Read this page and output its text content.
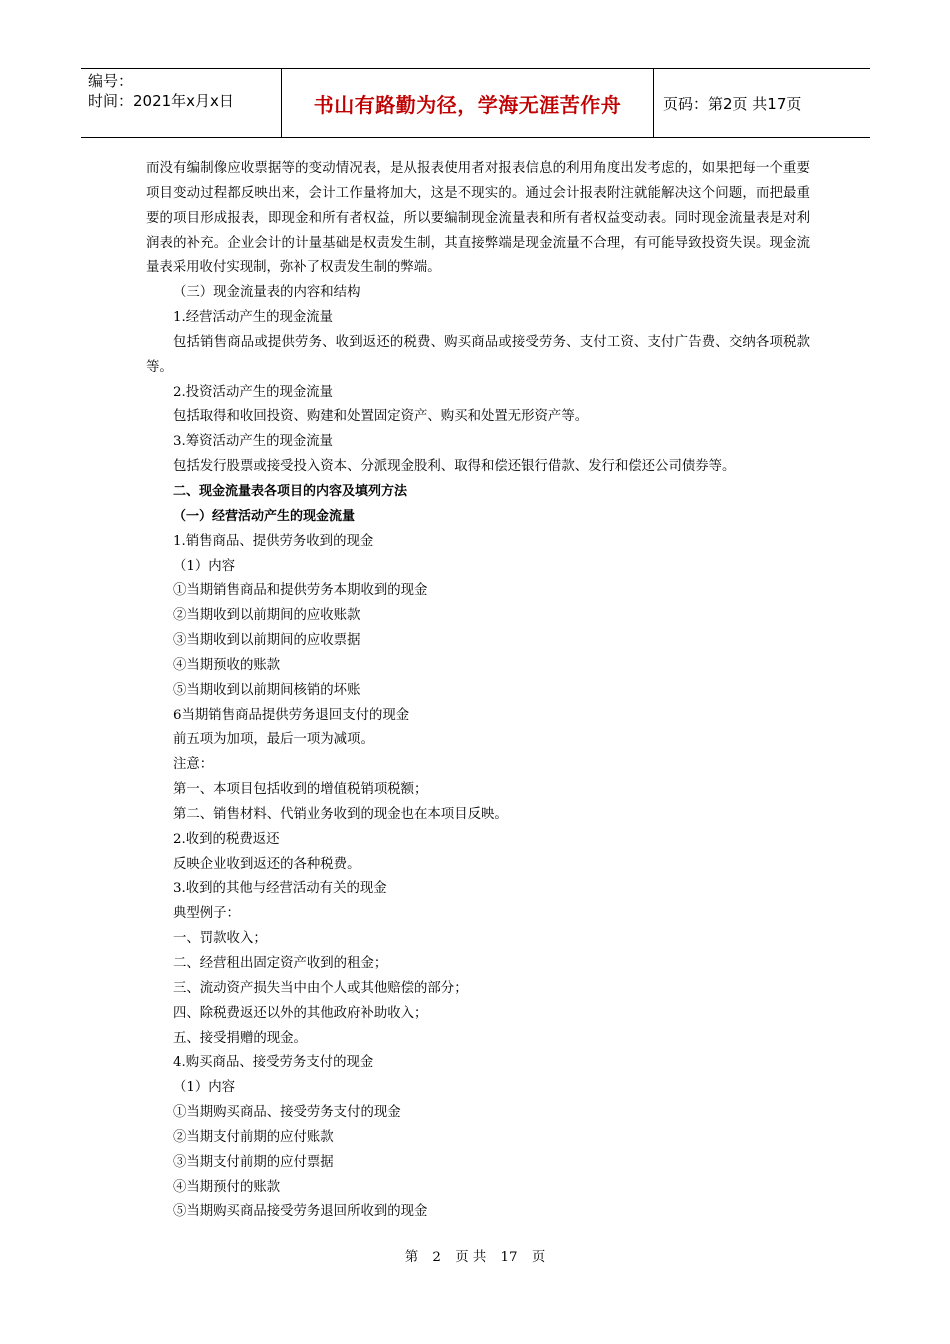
编号：
时间：2021年x月x日	书山有路勤为径，学海无涯苦作舟	页码：第2页 共17页

而没有编制像应收票据等的变动情况表，是从报表使用者对报表信息的利用角度出发考虑的，如果把每一个重要项目变动过程都反映出来，会计工作量将加大，这是不现实的。通过会计报表附注就能解决这个问题，而把最重要的项目形成报表，即现金和所有者权益，所以要编制现金流量表和所有者权益变动表。同时现金流量表是对利润表的补充。企业会计的计量基础是权责发生制，其直接弊端是现金流量不合理，有可能导致投资失误。现金流量表采用收付实现制，弥补了权责发生制的弊端。

（三）现金流量表的内容和结构

1.经营活动产生的现金流量

包括销售商品或提供劳务、收到返还的税费、购买商品或接受劳务、支付工资、支付广告费、交纳各项税款等。

2.投资活动产生的现金流量

包括取得和收回投资、购建和处置固定资产、购买和处置无形资产等。

3.筹资活动产生的现金流量

包括发行股票或接受投入资本、分派现金股利、取得和偿还银行借款、发行和偿还公司债券等。

二、现金流量表各项目的内容及填列方法

（一）经营活动产生的现金流量

1.销售商品、提供劳务收到的现金

（1）内容

①当期销售商品和提供劳务本期收到的现金

②当期收到以前期间的应收账款

③当期收到以前期间的应收票据

④当期预收的账款

⑤当期收到以前期间核销的坏账

6当期销售商品提供劳务退回支付的现金

前五项为加项，最后一项为减项。

注意：

第一、本项目包括收到的增值税销项税额；

第二、销售材料、代销业务收到的现金也在本项目反映。

2.收到的税费返还

反映企业收到返还的各种税费。

3.收到的其他与经营活动有关的现金

典型例子：

一、罚款收入；

二、经营租出固定资产收到的租金；

三、流动资产损失当中由个人或其他赔偿的部分；

四、除税费返还以外的其他政府补助收入；

五、接受捐赠的现金。

4.购买商品、接受劳务支付的现金

（1）内容

①当期购买商品、接受劳务支付的现金

②当期支付前期的应付账款

③当期支付前期的应付票据

④当期预付的账款

⑤当期购买商品接受劳务退回所收到的现金

第 2 页 共 17 页
